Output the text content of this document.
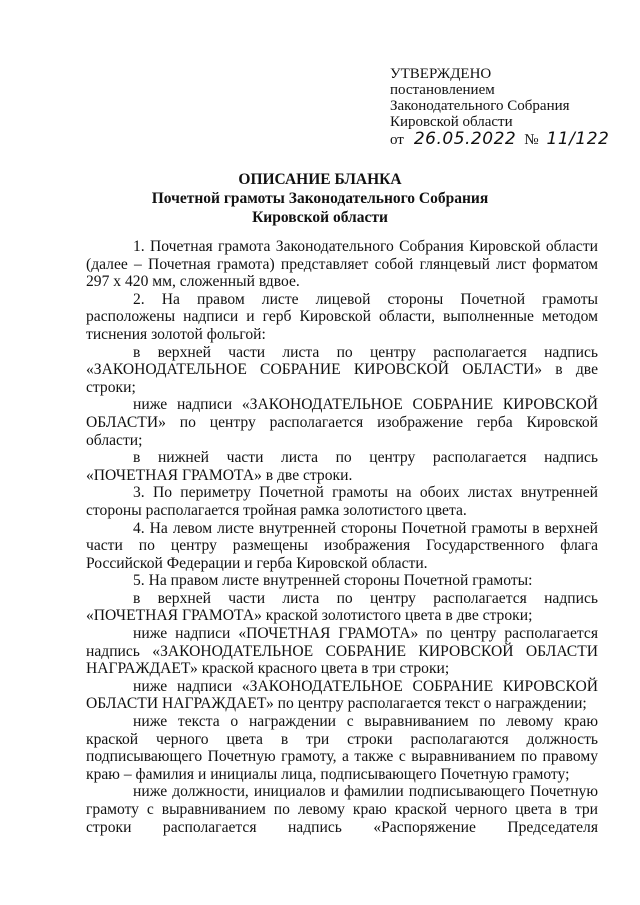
УТВЕРЖДЕНО
постановлением
Законодательного Собрания
Кировской области
от 26.05.2022 № 11/122
ОПИСАНИЕ БЛАНКА
Почетной грамоты Законодательного Собрания
Кировской области

1. Почетная грамота Законодательного Собрания Кировской области (далее – Почетная грамота) представляет собой глянцевый лист форматом 297 х 420 мм, сложенный вдвое.

2. На правом листе лицевой стороны Почетной грамоты расположены надписи и герб Кировской области, выполненные методом тиснения золотой фольгой:

в верхней части листа по центру располагается надпись «ЗАКОНОДАТЕЛЬНОЕ СОБРАНИЕ КИРОВСКОЙ ОБЛАСТИ» в две строки;

ниже надписи «ЗАКОНОДАТЕЛЬНОЕ СОБРАНИЕ КИРОВСКОЙ ОБЛАСТИ» по центру располагается изображение герба Кировской области;

в нижней части листа по центру располагается надпись «ПОЧЕТНАЯ ГРАМОТА» в две строки.

3. По периметру Почетной грамоты на обоих листах внутренней стороны располагается тройная рамка золотистого цвета.

4. На левом листе внутренней стороны Почетной грамоты в верхней части по центру размещены изображения Государственного флага Российской Федерации и герба Кировской области.

5. На правом листе внутренней стороны Почетной грамоты:

в верхней части листа по центру располагается надпись «ПОЧЕТНАЯ ГРАМОТА» краской золотистого цвета в две строки;

ниже надписи «ПОЧЕТНАЯ ГРАМОТА» по центру располагается надпись «ЗАКОНОДАТЕЛЬНОЕ СОБРАНИЕ КИРОВСКОЙ ОБЛАСТИ НАГРАЖДАЕТ» краской красного цвета в три строки;

ниже надписи «ЗАКОНОДАТЕЛЬНОЕ СОБРАНИЕ КИРОВСКОЙ ОБЛАСТИ НАГРАЖДАЕТ» по центру располагается текст о награждении;

ниже текста о награждении с выравниванием по левому краю краской черного цвета в три строки располагаются должность подписывающего Почетную грамоту, а также с выравниванием по правому краю – фамилия и инициалы лица, подписывающего Почетную грамоту;

ниже должности, инициалов и фамилии подписывающего Почетную грамоту с выравниванием по левому краю краской черного цвета в три строки располагается надпись «Распоряжение Председателя
